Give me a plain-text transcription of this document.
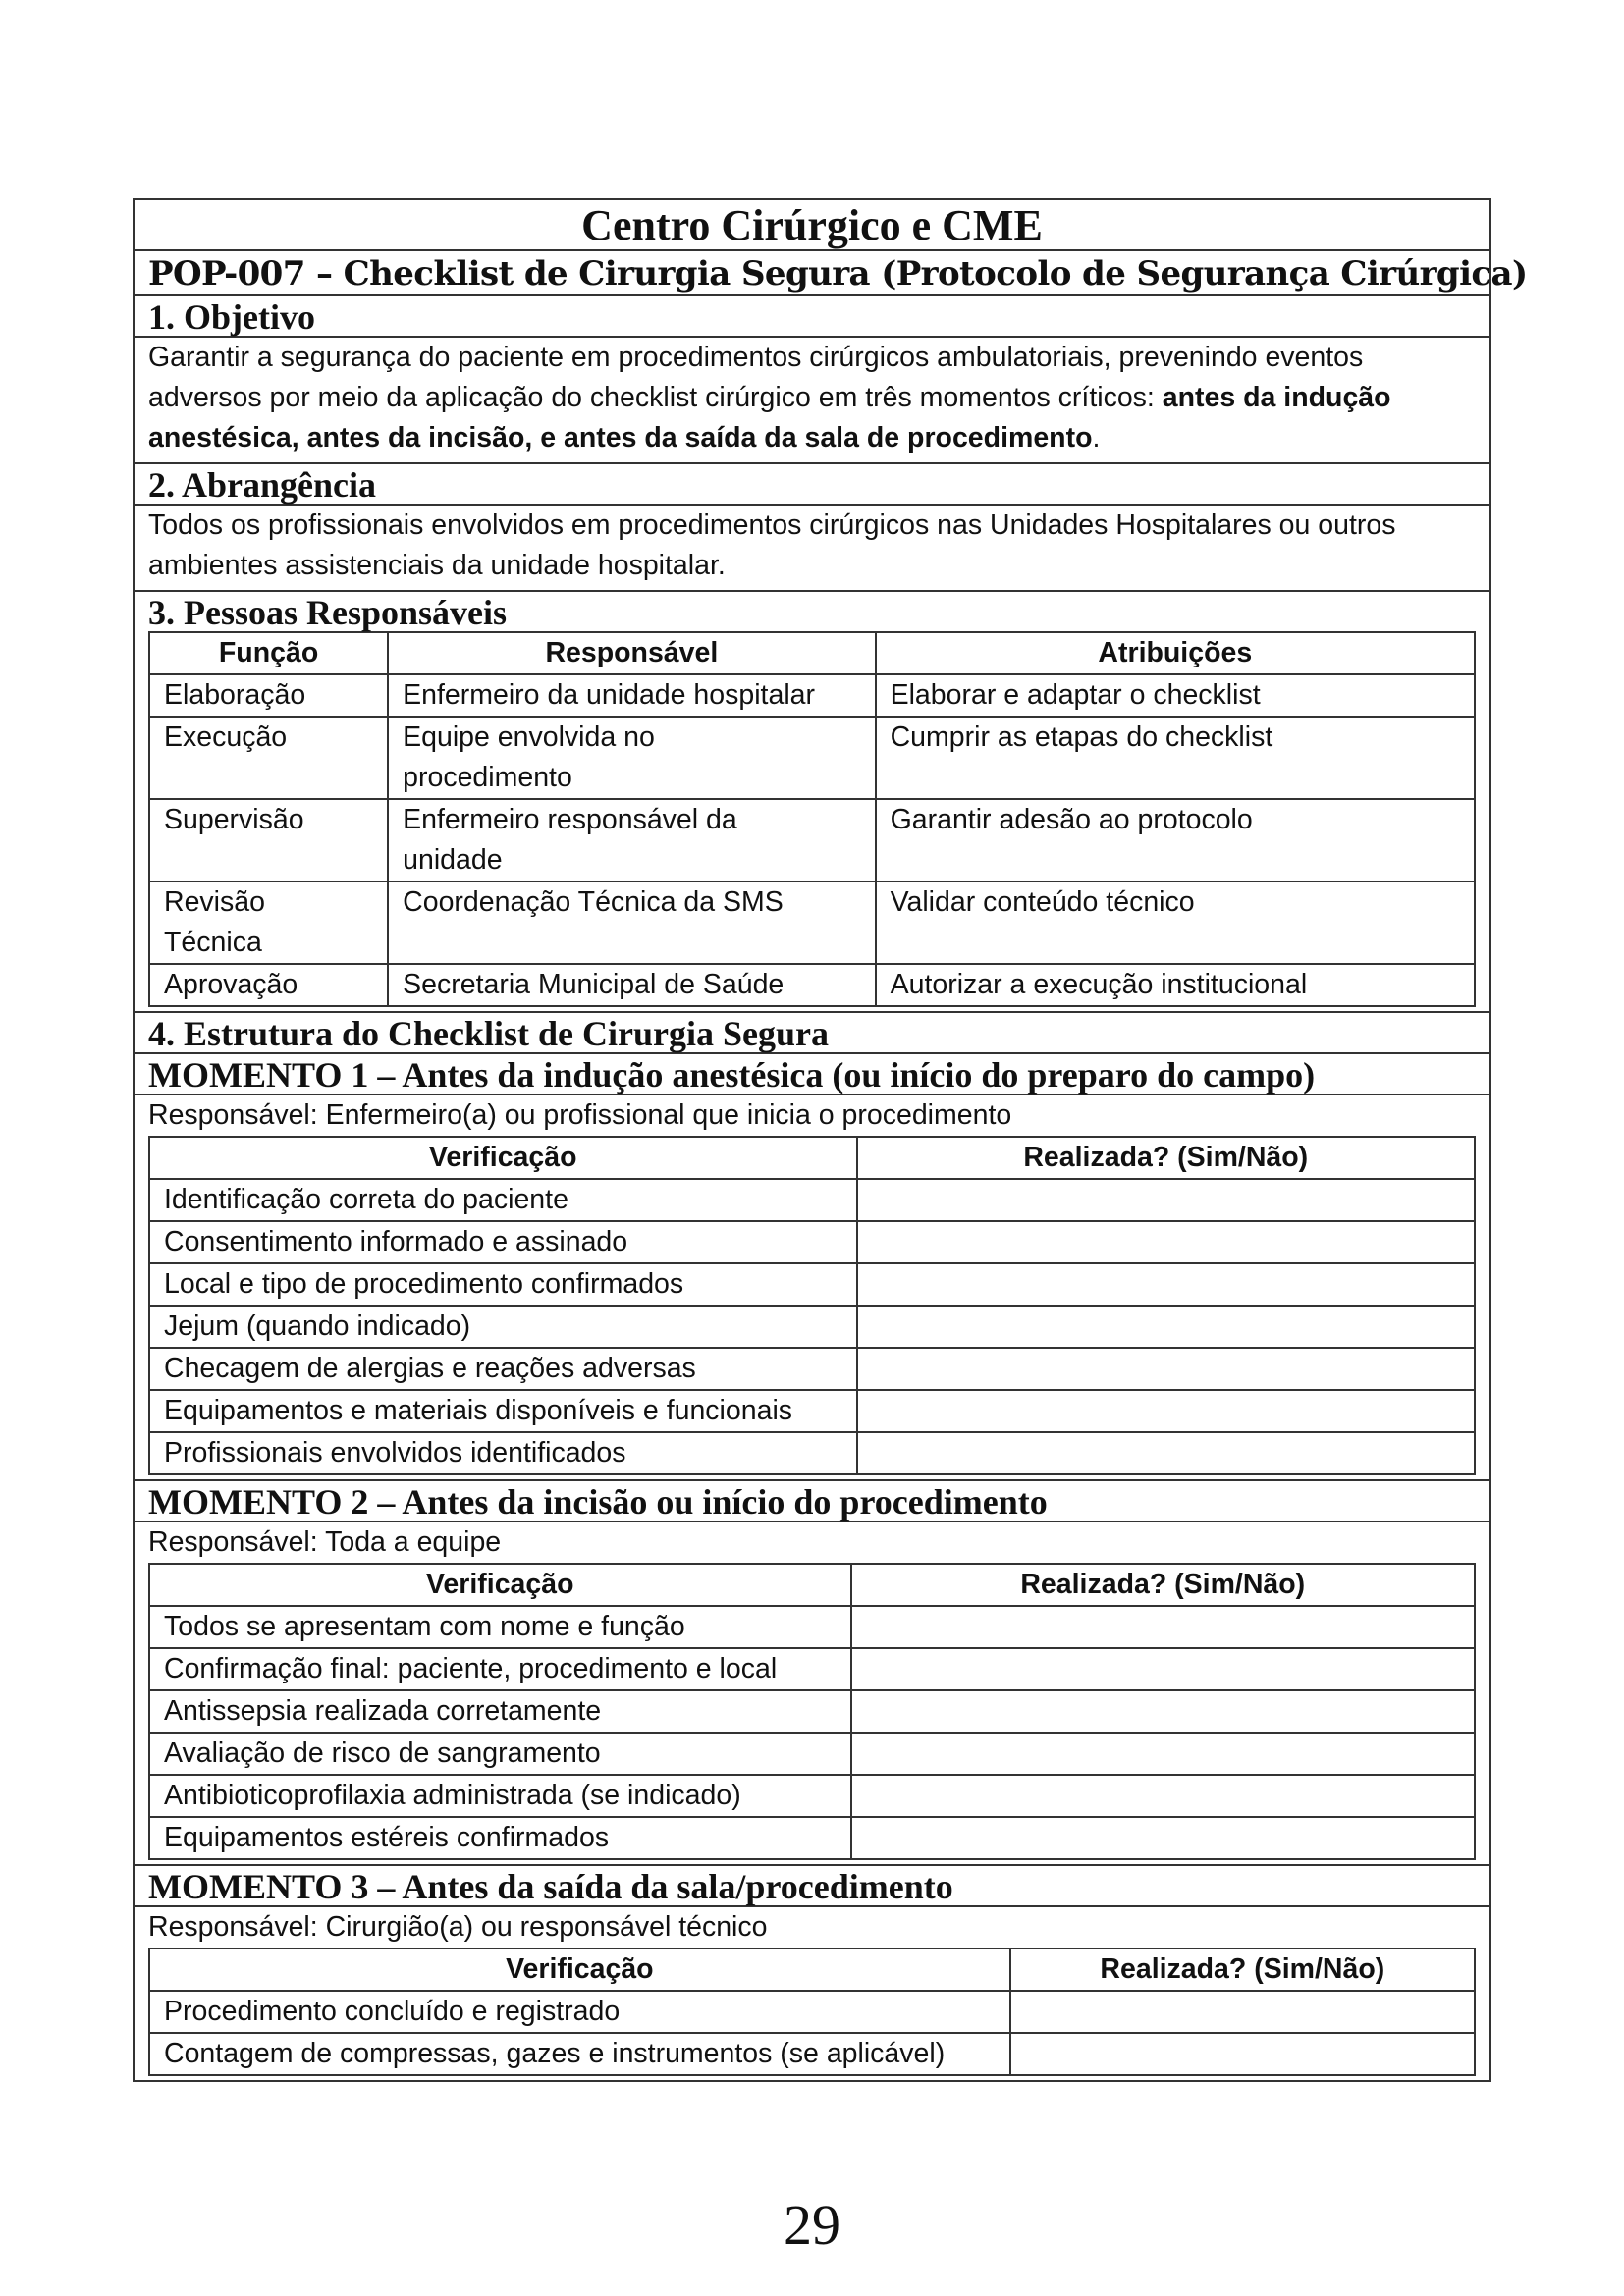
Centro Cirúrgico e CME
POP-007 – Checklist de Cirurgia Segura (Protocolo de Segurança Cirúrgica)
1. Objetivo
Garantir a segurança do paciente em procedimentos cirúrgicos ambulatoriais, prevenindo eventos adversos por meio da aplicação do checklist cirúrgico em três momentos críticos: antes da indução anestésica, antes da incisão, e antes da saída da sala de procedimento.
2. Abrangência
Todos os profissionais envolvidos em procedimentos cirúrgicos nas Unidades Hospitalares ou outros ambientes assistenciais da unidade hospitalar.
3. Pessoas Responsáveis
Função	Responsável	Atribuições
Elaboração	Enfermeiro da unidade hospitalar	Elaborar e adaptar o checklist
Execução	Equipe envolvida no procedimento	Cumprir as etapas do checklist
Supervisão	Enfermeiro responsável da unidade	Garantir adesão ao protocolo
Revisão Técnica	Coordenação Técnica da SMS	Validar conteúdo técnico
Aprovação	Secretaria Municipal de Saúde	Autorizar a execução institucional
4. Estrutura do Checklist de Cirurgia Segura
MOMENTO 1 – Antes da indução anestésica (ou início do preparo do campo)
Responsável: Enfermeiro(a) ou profissional que inicia o procedimento
Verificação	Realizada? (Sim/Não)
Identificação correta do paciente	
Consentimento informado e assinado	
Local e tipo de procedimento confirmados	
Jejum (quando indicado)	
Checagem de alergias e reações adversas	
Equipamentos e materiais disponíveis e funcionais	
Profissionais envolvidos identificados	
MOMENTO 2 – Antes da incisão ou início do procedimento
Responsável: Toda a equipe
Verificação	Realizada? (Sim/Não)
Todos se apresentam com nome e função	
Confirmação final: paciente, procedimento e local	
Antissepsia realizada corretamente	
Avaliação de risco de sangramento	
Antibioticoprofilaxia administrada (se indicado)	
Equipamentos estéreis confirmados	
MOMENTO 3 – Antes da saída da sala/procedimento
Responsável: Cirurgião(a) ou responsável técnico
Verificação	Realizada? (Sim/Não)
Procedimento concluído e registrado	
Contagem de compressas, gazes e instrumentos (se aplicável)	
29
